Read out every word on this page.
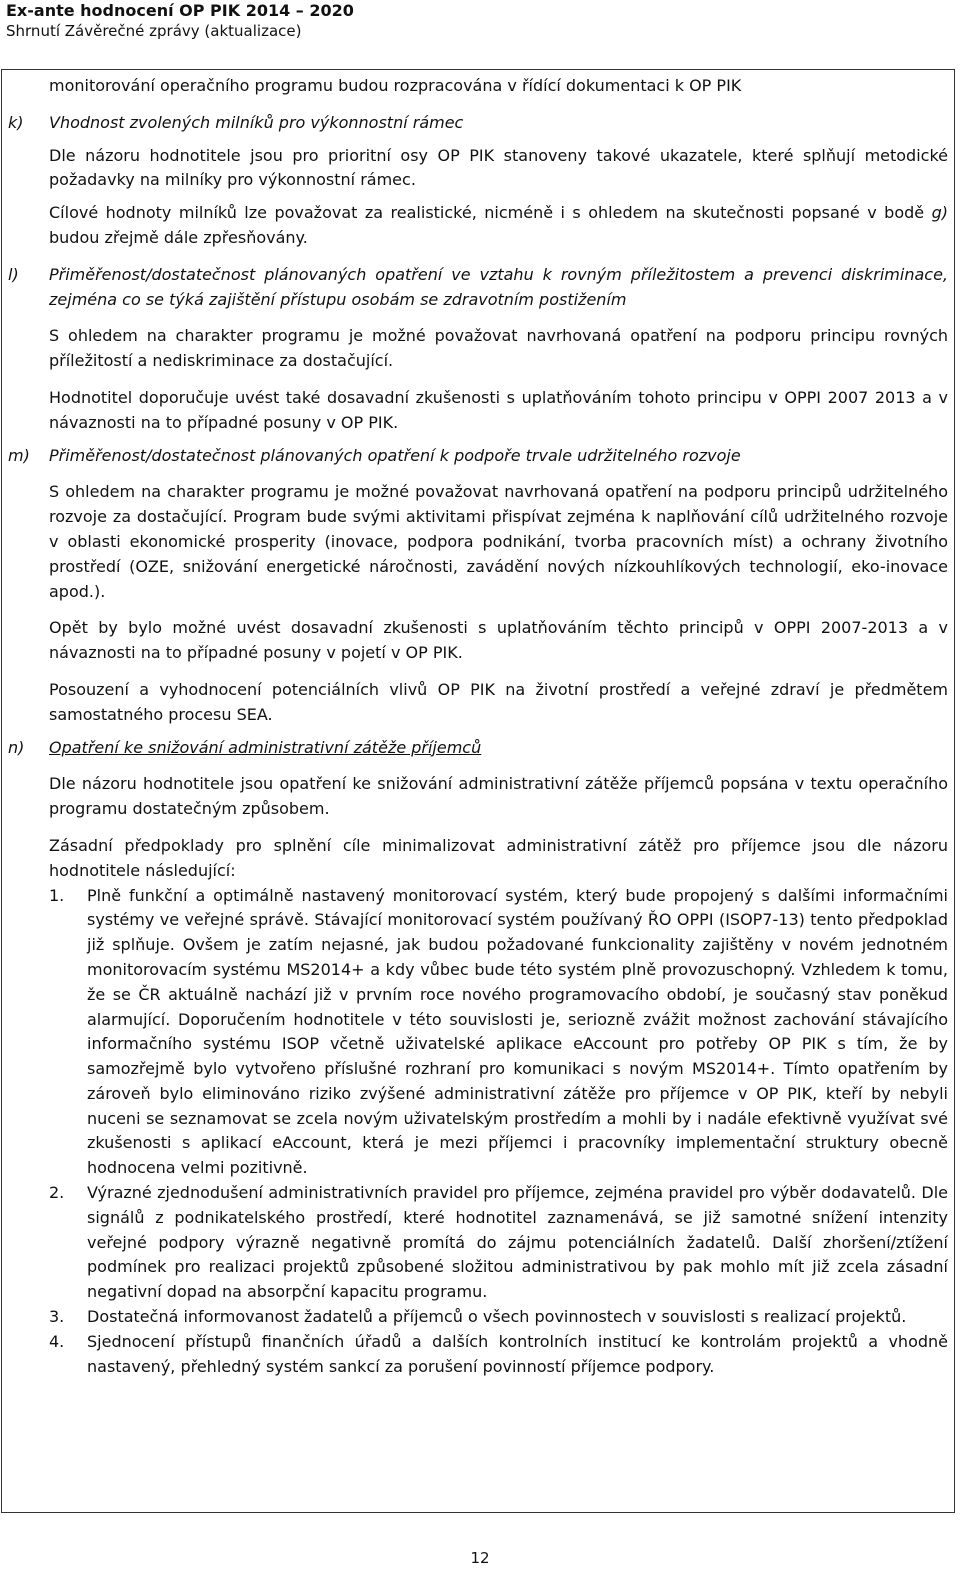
Ex-ante hodnocení OP PIK 2014 – 2020
Shrnutí Závěrečné zprávy (aktualizace)

monitorování operačního programu budou rozpracována v řídící dokumentaci k OP PIK

k)	Vhodnost zvolených milníků pro výkonnostní rámec

Dle názoru hodnotitele jsou pro prioritní osy OP PIK stanoveny takové ukazatele, které splňují metodické požadavky na milníky pro výkonnostní rámec.

Cílové hodnoty milníků lze považovat za realistické, nicméně i s ohledem na skutečnosti popsané v bodě g) budou zřejmě dále zpřesňovány.

l)	Přiměřenost/dostatečnost plánovaných opatření ve vztahu k rovným příležitostem a prevenci diskriminace, zejména co se týká zajištění přístupu osobám se zdravotním postižením

S ohledem na charakter programu je možné považovat navrhovaná opatření na podporu principu rovných příležitostí a nediskriminace za dostačující.

Hodnotitel doporučuje uvést také dosavadní zkušenosti s uplatňováním tohoto principu v OPPI 2007 2013 a v návaznosti na to případné posuny v OP PIK.

m)	Přiměřenost/dostatečnost plánovaných opatření k podpoře trvale udržitelného rozvoje

S ohledem na charakter programu je možné považovat navrhovaná opatření na podporu principů udržitelného rozvoje za dostačující. Program bude svými aktivitami přispívat zejména k naplňování cílů udržitelného rozvoje v oblasti ekonomické prosperity (inovace, podpora podnikání, tvorba pracovních míst) a ochrany životního prostředí (OZE, snižování energetické náročnosti, zavádění nových nízkouhlíkových technologií, eko-inovace apod.).

Opět by bylo možné uvést dosavadní zkušenosti s uplatňováním těchto principů v OPPI 2007-2013 a v návaznosti na to případné posuny v pojetí v OP PIK.

Posouzení a vyhodnocení potenciálních vlivů OP PIK na životní prostředí a veřejné zdraví je předmětem samostatného procesu SEA.

n)	Opatření ke snižování administrativní zátěže příjemců

Dle názoru hodnotitele jsou opatření ke snižování administrativní zátěže příjemců popsána v textu operačního programu dostatečným způsobem.

Zásadní předpoklady pro splnění cíle minimalizovat administrativní zátěž pro příjemce jsou dle názoru hodnotitele následující:

1.	Plně funkční a optimálně nastavený monitorovací systém, který bude propojený s dalšími informačními systémy ve veřejné správě. Stávající monitorovací systém používaný ŘO OPPI (ISOP7-13) tento předpoklad již splňuje. Ovšem je zatím nejasné, jak budou požadované funkcionality zajištěny v novém jednotném monitorovacím systému MS2014+ a kdy vůbec bude této systém plně provozuschopný. Vzhledem k tomu, že se ČR aktuálně nachází již v prvním roce nového programovacího období, je současný stav poněkud alarmující. Doporučením hodnotitele v této souvislosti je, seriozně zvážit možnost zachování stávajícího informačního systému ISOP včetně uživatelské aplikace eAccount pro potřeby OP PIK s tím, že by samozřejmě bylo vytvořeno příslušné rozhraní pro komunikaci s novým MS2014+. Tímto opatřením by zároveň bylo eliminováno riziko zvýšené administrativní zátěže pro příjemce v OP PIK, kteří by nebyli nuceni se seznamovat se zcela novým uživatelským prostředím a mohli by i nadále efektivně využívat své zkušenosti s aplikací eAccount, která je mezi příjemci i pracovníky implementační struktury obecně hodnocena velmi pozitivně.
2.	Výrazné zjednodušení administrativních pravidel pro příjemce, zejména pravidel pro výběr dodavatelů. Dle signálů z podnikatelského prostředí, které hodnotitel zaznamenává, se již samotné snížení intenzity veřejné podpory výrazně negativně promítá do zájmu potenciálních žadatelů. Další zhoršení/ztížení podmínek pro realizaci projektů způsobené složitou administrativou by pak mohlo mít již zcela zásadní negativní dopad na absorpční kapacitu programu.
3.	Dostatečná informovanost žadatelů a příjemců o všech povinnostech v souvislosti s realizací projektů.
4.	Sjednocení přístupů finančních úřadů a dalších kontrolních institucí ke kontrolám projektů a vhodně nastavený, přehledný systém sankcí za porušení povinností příjemce podpory.
12
